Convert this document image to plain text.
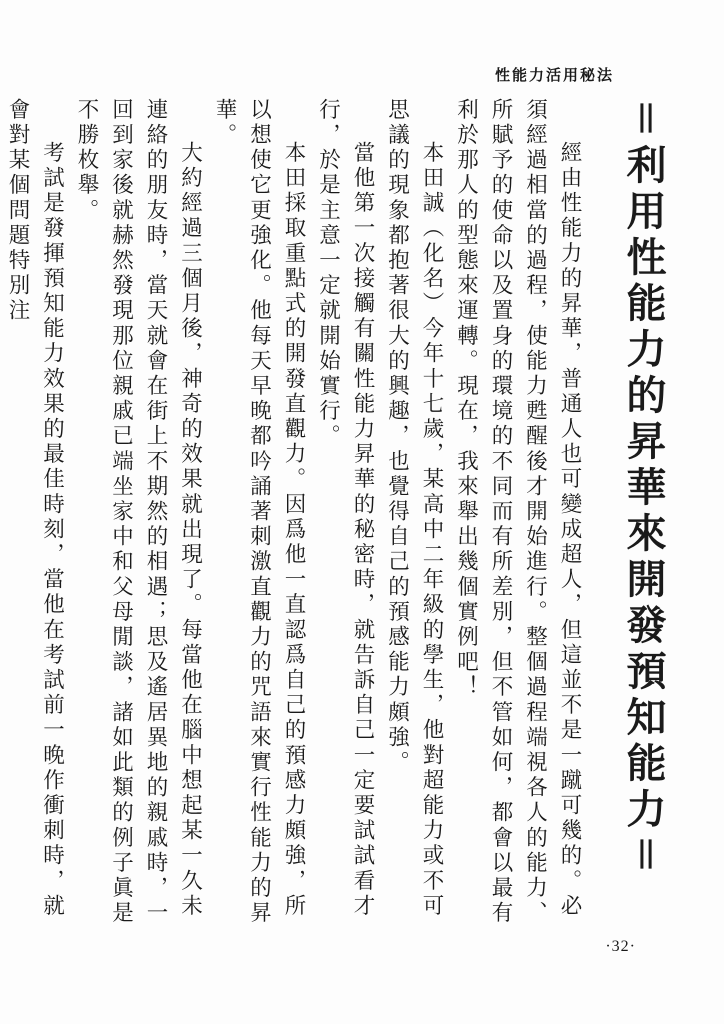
性能力活用秘法
＝利用性能力的昇華來開發預知能力＝

經由性能力的昇華，普通人也可變成超人，但這並不是一蹴可幾的。必須經過相當的過程，使能力甦醒後才開始進行。整個過程端視各人的能力、所賦予的使命以及置身的環境的不同而有所差別，但不管如何，都會以最有利於那人的型態來運轉。現在，我來舉出幾個實例吧！

本田誠（化名）今年十七歲，某高中二年級的學生，他對超能力或不可思議的現象都抱著很大的興趣，也覺得自己的預感能力頗強。

當他第一次接觸有關性能力昇華的秘密時，就告訴自己一定要試試看才行，於是主意一定就開始實行。

本田採取重點式的開發直觀力。因爲他一直認爲自己的預感力頗強，所以想使它更強化。他每天早晚都吟誦著刺激直觀力的咒語來實行性能力的昇華。

大約經過三個月後，神奇的效果就出現了。每當他在腦中想起某一久未連絡的朋友時，當天就會在街上不期然的相遇；思及遙居異地的親戚時，一回到家後就赫然發現那位親戚已端坐家中和父母閒談，諸如此類的例子眞是不勝枚舉。

考試是發揮預知能力效果的最佳時刻，當他在考試前一晚作衝刺時，就會對某個問題特別注

·32·
